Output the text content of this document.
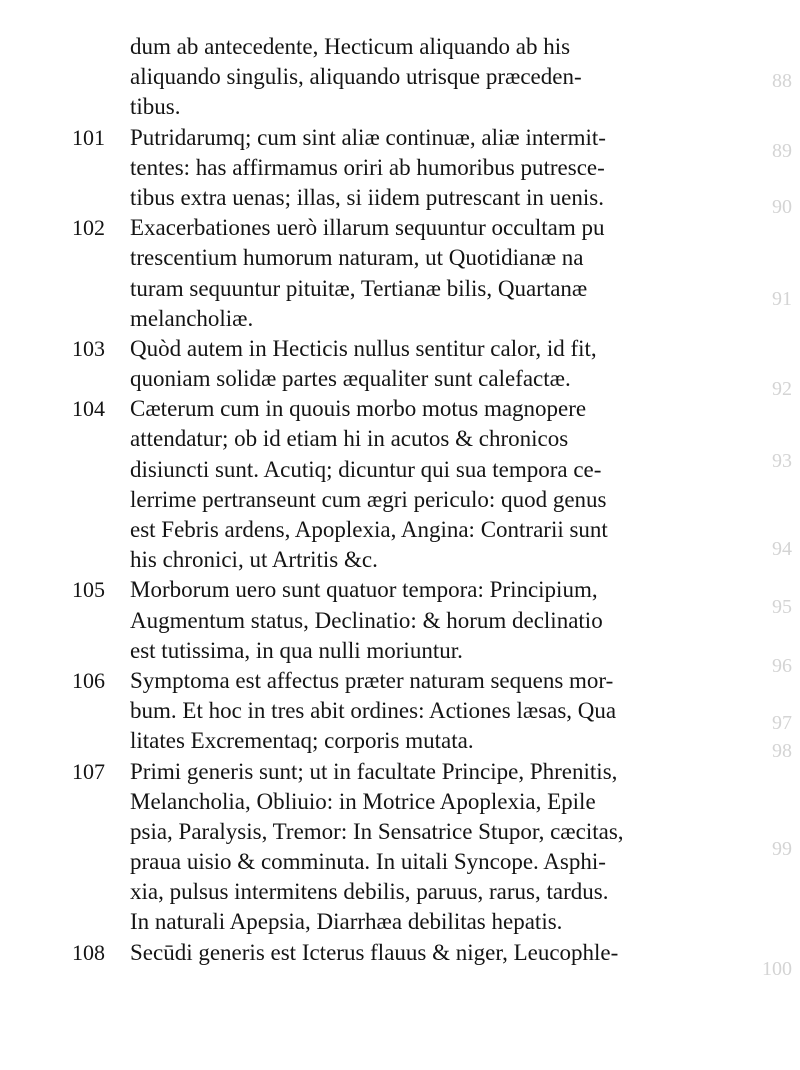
dum ab antecedente, Hecticum aliquando ab his
aliquando singulis, aliquando utrisque præceden-
tibus.
101	Putridarumq; cum sint aliæ continuæ, aliæ intermit-
tentes: has affirmamus oriri ab humoribus putresce-
tibus extra uenas; illas, si iidem putrescant in uenis.
102	Exacerbationes uerò illarum sequuntur occultam pu
trescentium humorum naturam, ut Quotidianæ na
turam sequuntur pituitæ, Tertianæ bilis, Quartanæ
melancholiæ.
103	Quòd autem in Hecticis nullus sentitur calor, id fit,
quoniam solidæ partes æqualiter sunt calefactæ.
104	Cæterum cum in quouis morbo motus magnopere
attendatur; ob id etiam hi in acutos & chronicos
disiuncti sunt. Acutiq; dicuntur qui sua tempora ce-
lerrime pertranseunt cum ægri periculo: quod genus
est Febris ardens, Apoplexia, Angina: Contrarii sunt
his chronici, ut Artritis &c.
105	Morborum uero sunt quatuor tempora: Principium,
Augmentum status, Declinatio: & horum declinatio
est tutissima, in qua nulli moriuntur.
106	Symptoma est affectus præter naturam sequens mor-
bum. Et hoc in tres abit ordines: Actiones læsas, Qua
litates Excrementaq; corporis mutata.
107	Primi generis sunt; ut in facultate Principe, Phrenitis,
Melancholia, Obliuio: in Motrice Apoplexia, Epile
psia, Paralysis, Tremor: In Sensatrice Stupor, cæcitas,
praua uisio & comminuta. In uitali Syncope. Asphi-
xia, pulsus intermitens debilis, paruus, rarus, tardus.
In naturali Apepsia, Diarrhæa debilitas hepatis.
108	Secūdi generis est Icterus flauus & niger, Leucophle-
88
89
90
91
92
93
94
95
96
97
98
99
100
